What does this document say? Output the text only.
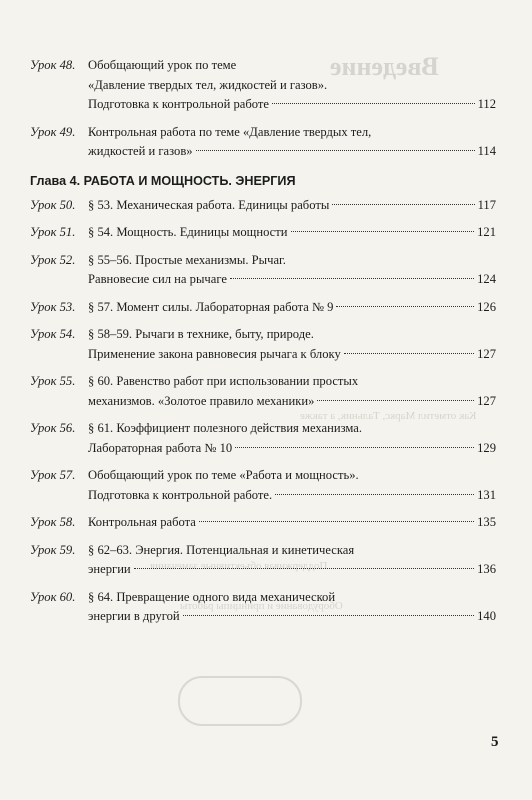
Введение
Как отметил Маркс, Тальник, а также
Поддерживая объективные замечания
Оборудование и принципы работы
Урок 48.	Обобщающий урок по теме
«Давление твердых тел, жидкостей и газов».
Подготовка к контрольной работе	112
Урок 49.	Контрольная работа по теме «Давление твердых тел,
жидкостей и газов»	114
Глава 4. РАБОТА И МОЩНОСТЬ. ЭНЕРГИЯ
Урок 50.	§ 53. Механическая работа. Единицы работы	117
Урок 51.	§ 54. Мощность. Единицы мощности	121
Урок 52.	§ 55–56. Простые механизмы. Рычаг.
Равновесие сил на рычаге	124
Урок 53.	§ 57. Момент силы. Лабораторная работа № 9	126
Урок 54.	§ 58–59. Рычаги в технике, быту, природе.
Применение закона равновесия рычага к блоку	127
Урок 55.	§ 60. Равенство работ при использовании простых
механизмов. «Золотое правило механики»	127
Урок 56.	§ 61. Коэффициент полезного действия механизма.
Лабораторная работа № 10	129
Урок 57.	Обобщающий урок по теме «Работа и мощность».
Подготовка к контрольной работе.	131
Урок 58.	Контрольная работа	135
Урок 59.	§ 62–63. Энергия. Потенциальная и кинетическая
энергии	136
Урок 60.	§ 64. Превращение одного вида механической
энергии в другой	140
5
